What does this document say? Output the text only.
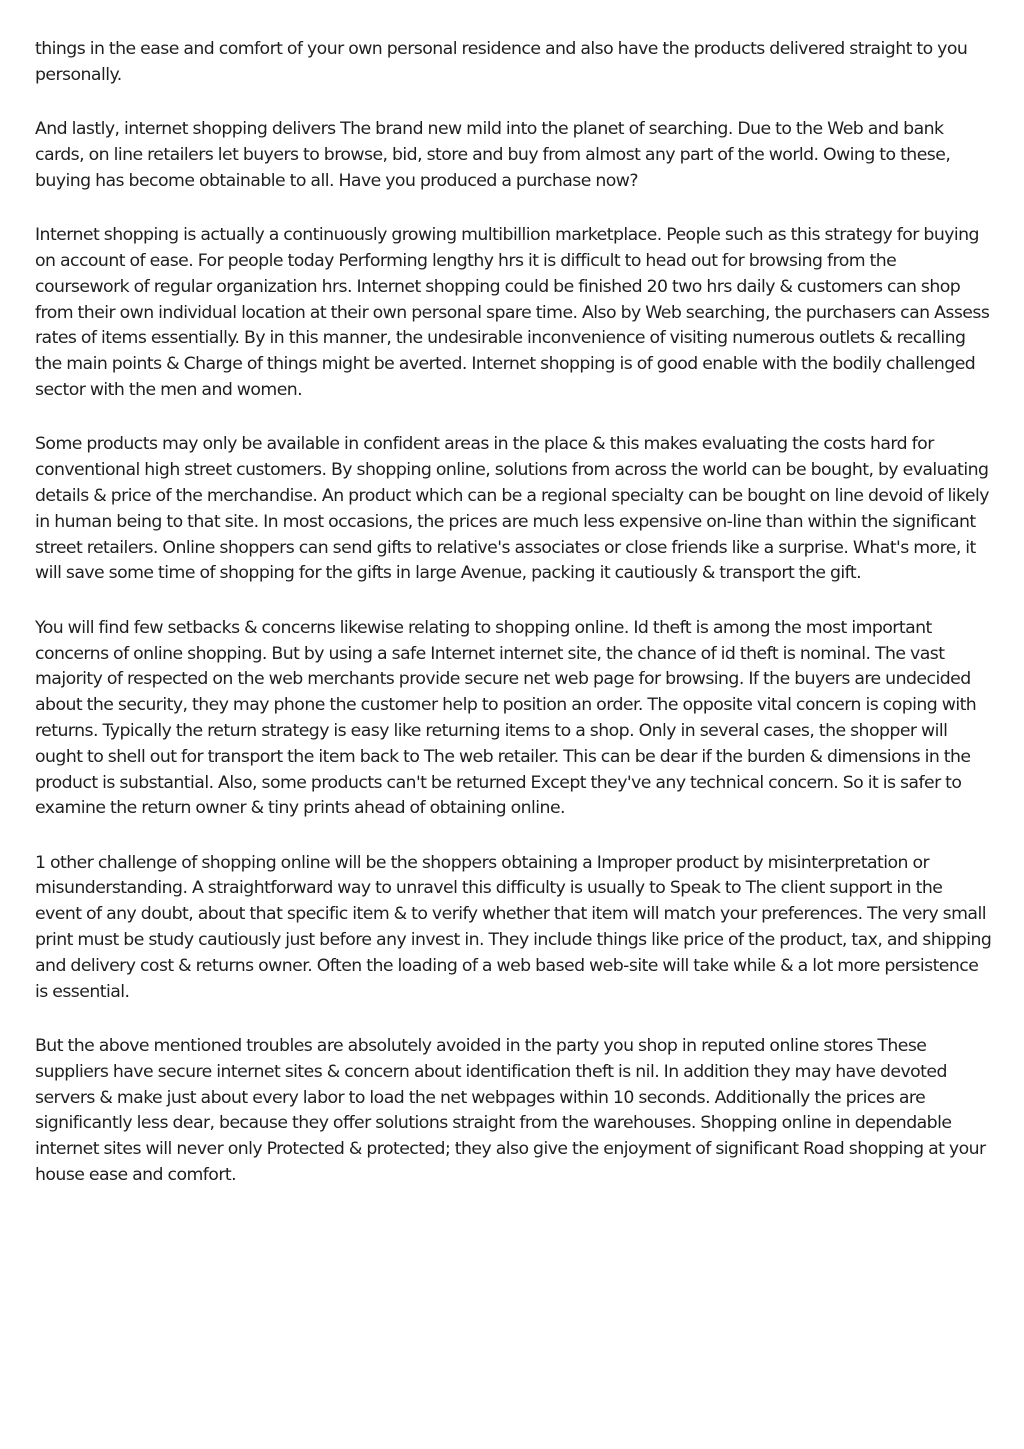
things in the ease and comfort of your own personal residence and also have the products delivered straight to you personally.

And lastly, internet shopping delivers The brand new mild into the planet of searching. Due to the Web and bank cards, on line retailers let buyers to browse, bid, store and buy from almost any part of the world. Owing to these, buying has become obtainable to all. Have you produced a purchase now?

Internet shopping is actually a continuously growing multibillion marketplace. People such as this strategy for buying on account of ease. For people today Performing lengthy hrs it is difficult to head out for browsing from the coursework of regular organization hrs. Internet shopping could be finished 20 two hrs daily & customers can shop from their own individual location at their own personal spare time. Also by Web searching, the purchasers can Assess rates of items essentially. By in this manner, the undesirable inconvenience of visiting numerous outlets & recalling the main points & Charge of things might be averted. Internet shopping is of good enable with the bodily challenged sector with the men and women.

Some products may only be available in confident areas in the place & this makes evaluating the costs hard for conventional high street customers. By shopping online, solutions from across the world can be bought, by evaluating details & price of the merchandise. An product which can be a regional specialty can be bought on line devoid of likely in human being to that site. In most occasions, the prices are much less expensive on-line than within the significant street retailers. Online shoppers can send gifts to relative's associates or close friends like a surprise. What's more, it will save some time of shopping for the gifts in large Avenue, packing it cautiously & transport the gift.

You will find few setbacks & concerns likewise relating to shopping online. Id theft is among the most important concerns of online shopping. But by using a safe Internet internet site, the chance of id theft is nominal. The vast majority of respected on the web merchants provide secure net web page for browsing. If the buyers are undecided about the security, they may phone the customer help to position an order. The opposite vital concern is coping with returns. Typically the return strategy is easy like returning items to a shop. Only in several cases, the shopper will ought to shell out for transport the item back to The web retailer. This can be dear if the burden & dimensions in the product is substantial. Also, some products can't be returned Except they've any technical concern. So it is safer to examine the return owner & tiny prints ahead of obtaining online.

1 other challenge of shopping online will be the shoppers obtaining a Improper product by misinterpretation or misunderstanding. A straightforward way to unravel this difficulty is usually to Speak to The client support in the event of any doubt, about that specific item & to verify whether that item will match your preferences. The very small print must be study cautiously just before any invest in. They include things like price of the product, tax, and shipping and delivery cost & returns owner. Often the loading of a web based web-site will take while & a lot more persistence is essential.

But the above mentioned troubles are absolutely avoided in the party you shop in reputed online stores These suppliers have secure internet sites & concern about identification theft is nil. In addition they may have devoted servers & make just about every labor to load the net webpages within 10 seconds. Additionally the prices are significantly less dear, because they offer solutions straight from the warehouses. Shopping online in dependable internet sites will never only Protected & protected; they also give the enjoyment of significant Road shopping at your house ease and comfort.
